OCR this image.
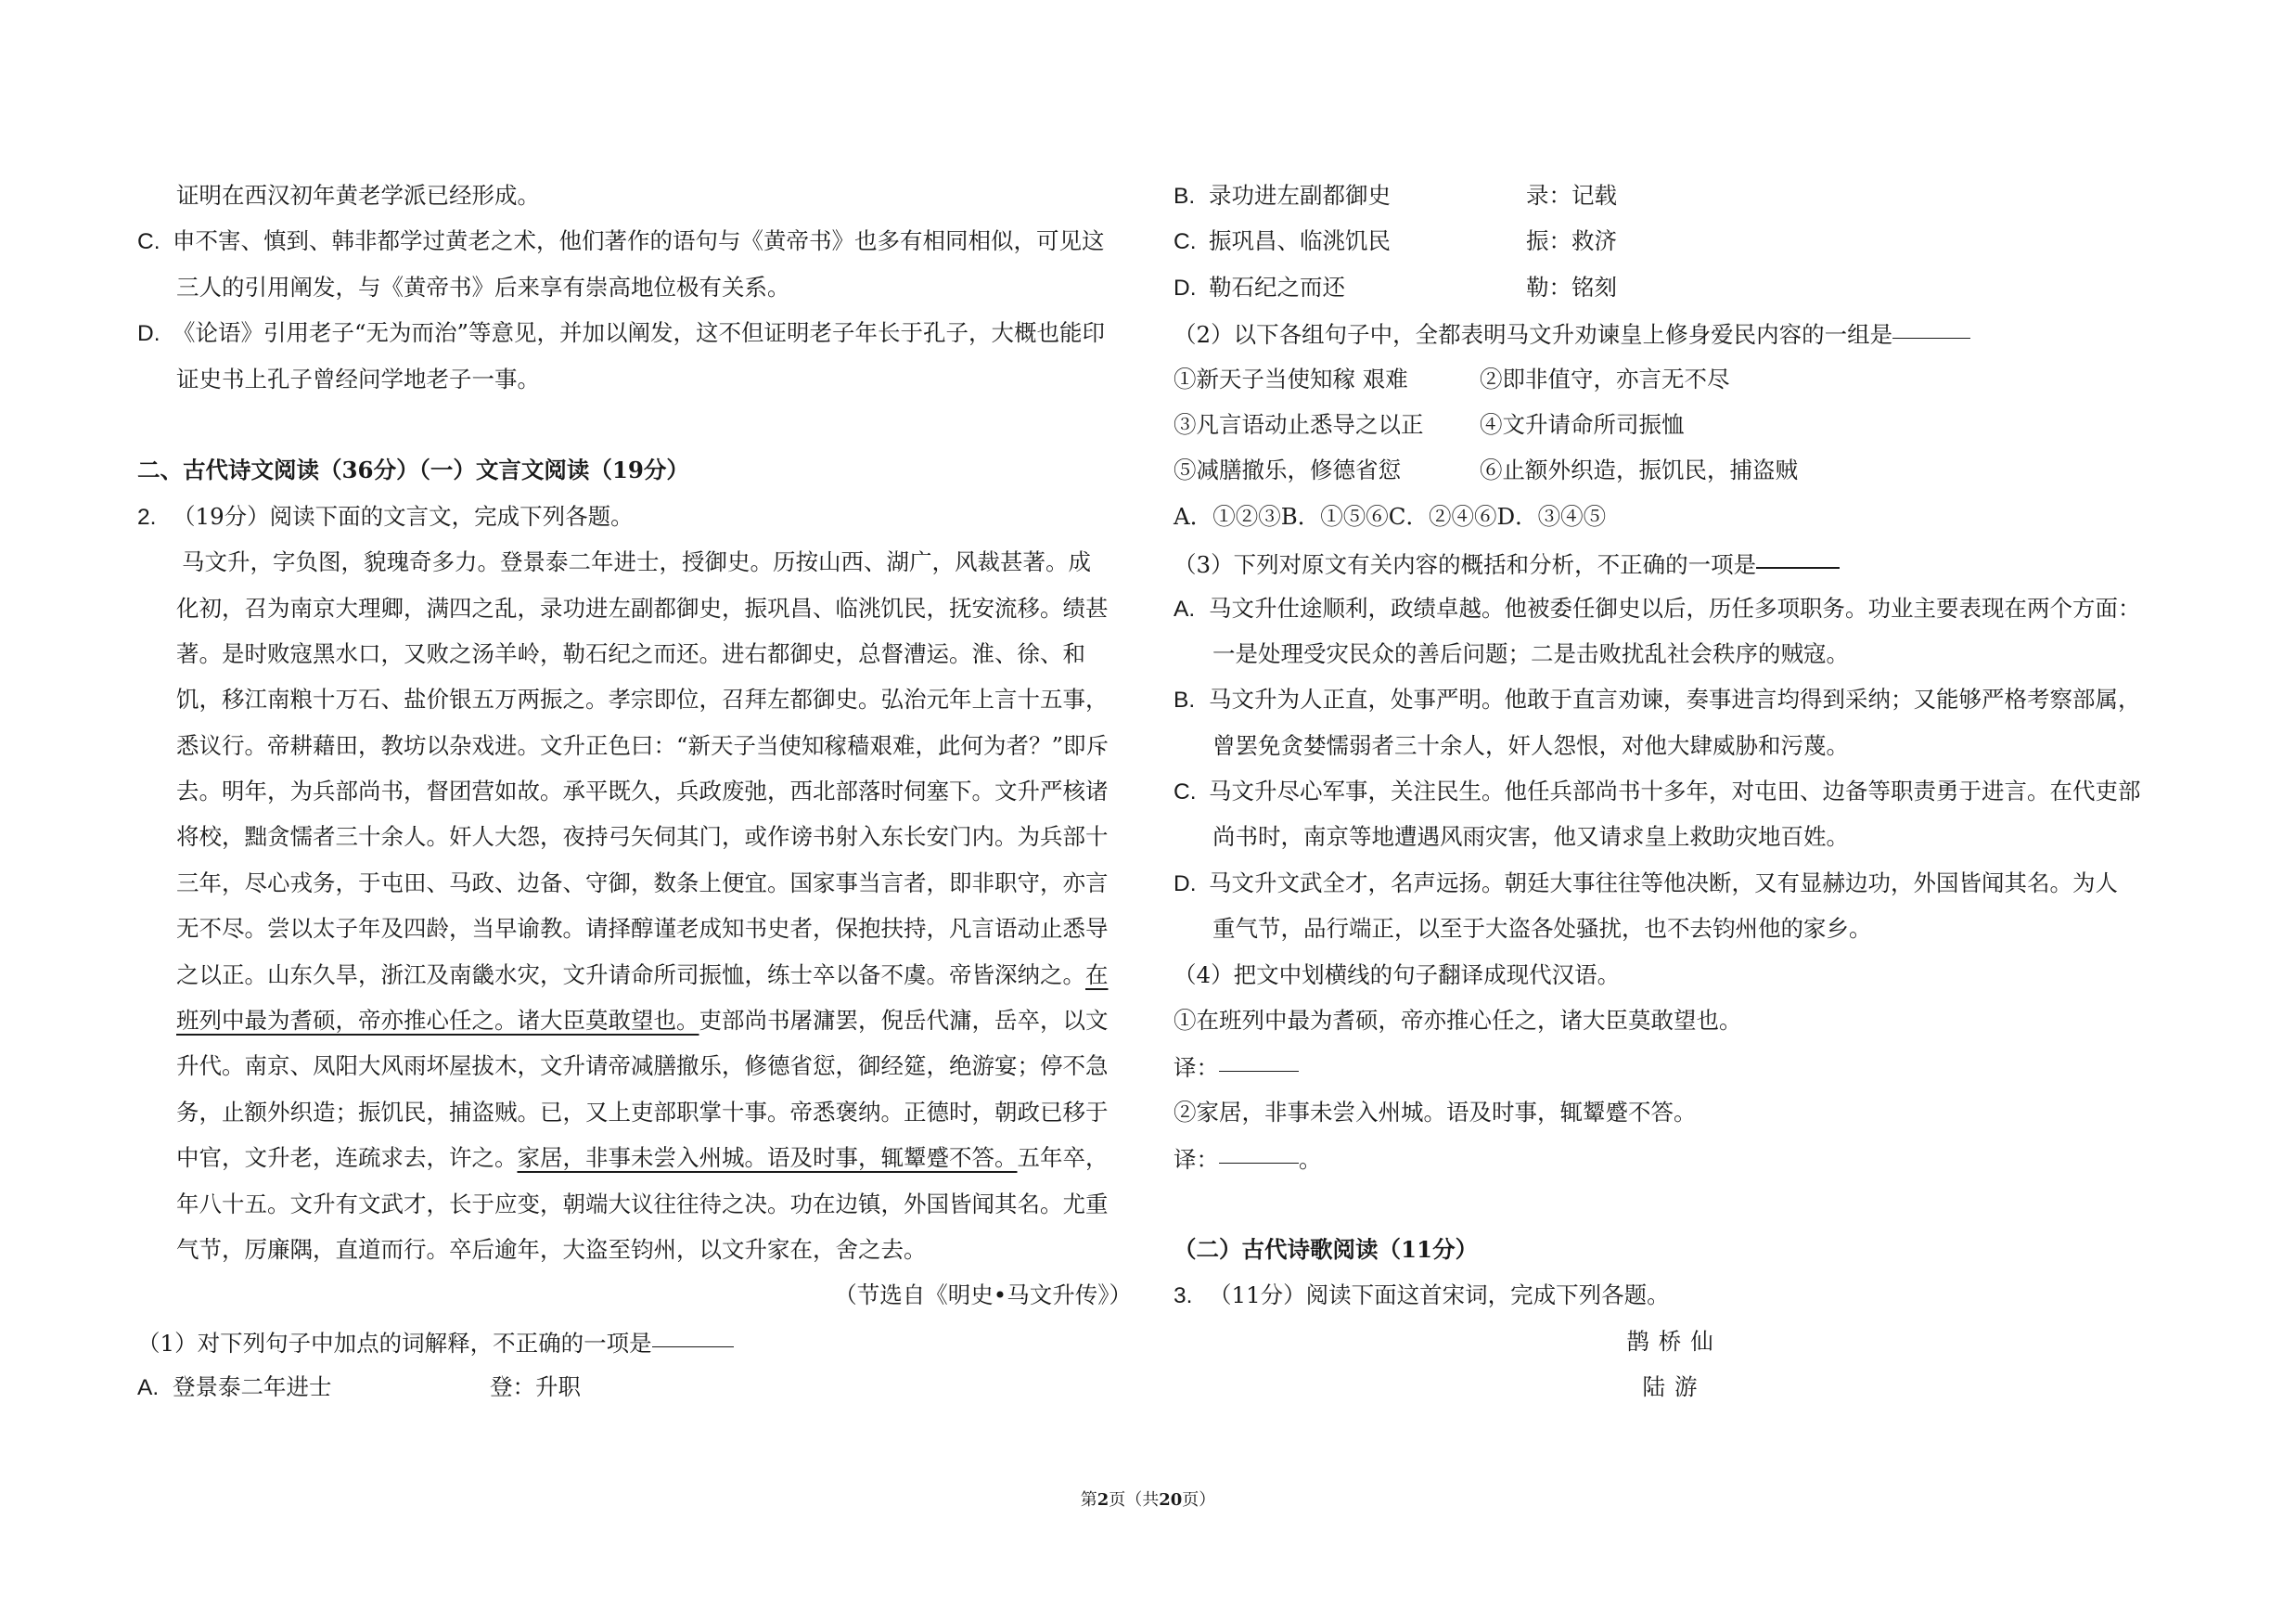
证明在西汉初年黄老学派已经形成。
C. 申不害、慎到、韩非都学过黄老之术，他们著作的语句与《黄帝书》也多有相同相似，可见这
三人的引用阐发，与《黄帝书》后来享有崇高地位极有关系。
D. 《论语》引用老子“无为而治”等意见，并加以阐发，这不但证明老子年长于孔子，大概也能印
证史书上孔子曾经问学地老子一事。
二、古代诗文阅读（36分）（一）文言文阅读（19分）
2. （19分）阅读下面的文言文，完成下列各题。
马文升，字负图，貌瑰奇多力。登景泰二年进士，授御史。历按山西、湖广，风裁甚著。成
化初，召为南京大理卿，满四之乱，录功进左副都御史，振巩昌、临洮饥民，抚安流移。绩甚
著。是时败寇黑水口，又败之汤羊岭，勒石纪之而还。进右都御史，总督漕运。淮、徐、和
饥，移江南粮十万石、盐价银五万两振之。孝宗即位，召拜左都御史。弘治元年上言十五事，
悉议行。帝耕藉田，教坊以杂戏进。文升正色曰：“新天子当使知稼穑艰难，此何为者？”即斥
去。明年，为兵部尚书，督团营如故。承平既久，兵政废弛，西北部落时伺塞下。文升严核诸
将校，黜贪懦者三十余人。奸人大怨，夜持弓矢伺其门，或作谤书射入东长安门内。为兵部十
三年，尽心戎务，于屯田、马政、边备、守御，数条上便宜。国家事当言者，即非职守，亦言
无不尽。尝以太子年及四龄，当早谕教。请择醇谨老成知书史者，保抱扶持，凡言语动止悉导
之以正。山东久旱，浙江及南畿水灾，文升请命所司振恤，练士卒以备不虞。帝皆深纳之。在
班列中最为耆硕，帝亦推心任之。诸大臣莫敢望也。吏部尚书屠滽罢，倪岳代滽，岳卒，以文
升代。南京、凤阳大风雨坏屋拔木，文升请帝减膳撤乐，修德省愆，御经筵，绝游宴；停不急
务，止额外织造；振饥民，捕盗贼。已，又上吏部职掌十事。帝悉褒纳。正德时，朝政已移于
中官，文升老，连疏求去，许之。家居，非事未尝入州城。语及时事，辄颦蹙不答。五年卒，
年八十五。文升有文武才，长于应变，朝端大议往往待之决。功在边镇，外国皆闻其名。尤重
气节，厉廉隅，直道而行。卒后逾年，大盗至钧州，以文升家在，舍之去。
（节选自《明史•马文升传》）
（1）对下列句子中加点的词解释，不正确的一项是
A. 登景泰二年进士	登：升职
B. 录功进左副都御史	录：记载
C. 振巩昌、临洮饥民	振：救济
D. 勒石纪之而还	勒：铭刻
（2）以下各组句子中，全都表明马文升劝谏皇上修身爱民内容的一组是
①新天子当使知稼 艰难	②即非值守，亦言无不尽
③凡言语动止悉导之以正 ④文升请命所司振恤
⑤减膳撤乐，修德省愆	⑥止额外织造，振饥民，捕盗贼
A．①②③B．①⑤⑥C．②④⑥D．③④⑤
（3）下列对原文有关内容的概括和分析，不正确的一项是
A. 马文升仕途顺利，政绩卓越。他被委任御史以后，历任多项职务。功业主要表现在两个方面：
一是处理受灾民众的善后问题；二是击败扰乱社会秩序的贼寇。
B. 马文升为人正直，处事严明。他敢于直言劝谏，奏事进言均得到采纳；又能够严格考察部属，
曾罢免贪婪懦弱者三十余人，奸人怨恨，对他大肆威胁和污蔑。
C. 马文升尽心军事，关注民生。他任兵部尚书十多年，对屯田、边备等职责勇于进言。在代吏部
尚书时，南京等地遭遇风雨灾害，他又请求皇上救助灾地百姓。
D. 马文升文武全才，名声远扬。朝廷大事往往等他决断，又有显赫边功，外国皆闻其名。为人
重气节，品行端正，以至于大盗各处骚扰，也不去钧州他的家乡。
（4）把文中划横线的句子翻译成现代汉语。
①在班列中最为耆硕，帝亦推心任之，诸大臣莫敢望也。
译：
②家居，非事未尝入州城。语及时事，辄颦蹙不答。
译：	。
（二）古代诗歌阅读（11分）
3. （11分）阅读下面这首宋词，完成下列各题。
鹊桥仙
陆游
第2页（共20页）
